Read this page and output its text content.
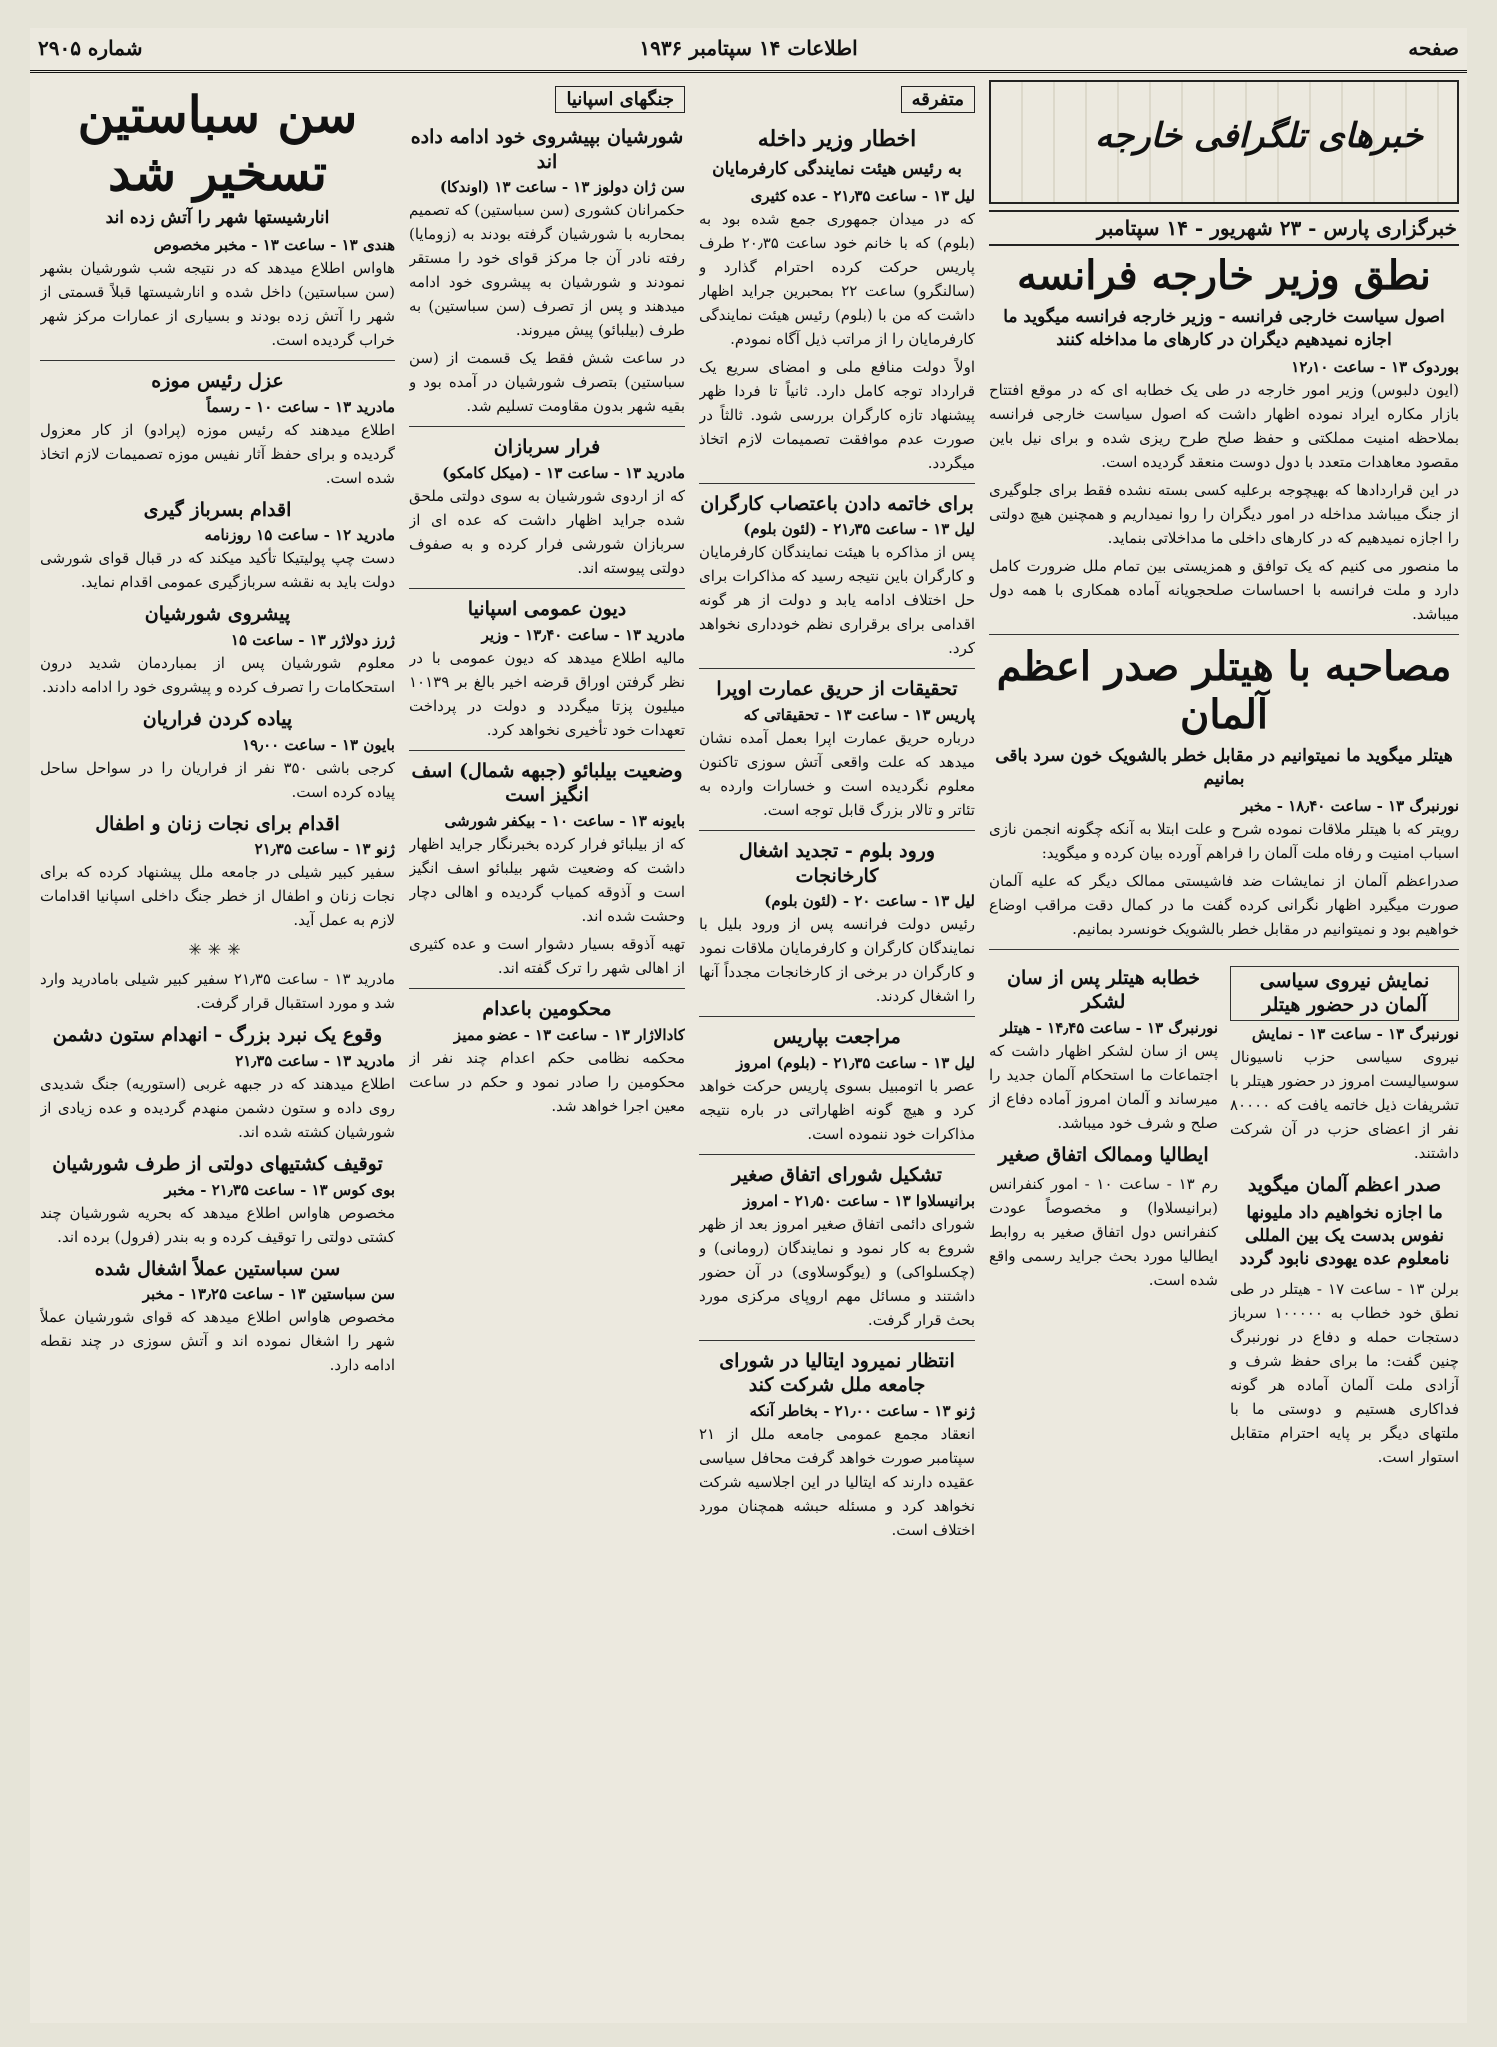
صفحه
اطلاعات ۱۴ سپتامبر ۱۹۳۶
شماره ۲۹۰۵
خبرهای تلگرافی خارجه
خبرگزاری پارس - ۲۳ شهریور - ۱۴ سپتامبر
نطق وزیر خارجه فرانسه
اصول سیاست خارجی فرانسه - وزیر خارجه فرانسه میگوید ما اجازه نمیدهیم دیگران در کارهای ما مداخله کنند
بوردوک ۱۳ - ساعت ۱۲٫۱۰

(ایون دلبوس) وزیر امور خارجه در طی یک خطابه ای که در موقع افتتاح بازار مکاره ایراد نموده اظهار داشت که اصول سیاست خارجی فرانسه بملاحظه امنیت مملکتی و حفظ صلح طرح ریزی شده و برای نیل باین مقصود معاهدات متعدد با دول دوست منعقد گردیده است.

در این قراردادها که بهیچوجه برعلیه کسی بسته نشده فقط برای جلوگیری از جنگ میباشد مداخله در امور دیگران را روا نمیداریم و همچنین هیچ دولتی را اجازه نمیدهیم که در کارهای داخلی ما مداخلاتی بنماید.

ما منصور می کنیم که یک توافق و همزیستی بین تمام ملل ضرورت کامل دارد و ملت فرانسه با احساسات صلحجویانه آماده همکاری با همه دول میباشد.

مصاحبه با هیتلر صدر اعظم آلمان
هیتلر میگوید ما نمیتوانیم در مقابل خطر بالشویک خون سرد باقی بمانیم
نورنبرگ ۱۳ - ساعت ۱۸٫۴۰ - مخبر

رویتر که با هیتلر ملاقات نموده شرح و علت ابتلا به آنکه چگونه انجمن نازی اسباب امنیت و رفاه ملت آلمان را فراهم آورده بیان کرده و میگوید:

صدراعظم آلمان از نمایشات ضد فاشیستی ممالک دیگر که علیه آلمان صورت میگیرد اظهار نگرانی کرده گفت ما در کمال دقت مراقب اوضاع خواهیم بود و نمیتوانیم در مقابل خطر بالشویک خونسرد بمانیم.

نمایش نیروی سیاسی آلمان در حضور هیتلر
نورنبرگ ۱۳ - ساعت ۱۳ - نمایش

نیروی سیاسی حزب ناسیونال سوسیالیست امروز در حضور هیتلر با تشریفات ذیل خاتمه یافت که ۸۰۰۰۰ نفر از اعضای حزب در آن شرکت داشتند.

صدر اعظم آلمان میگوید
ما اجازه نخواهیم داد ملیونها نفوس بدست یک بین المللی نامعلوم عده یهودی نابود گردد

برلن ۱۳ - ساعت ۱۷ - هیتلر در طی نطق خود خطاب به ۱۰۰۰۰۰ سرباز دستجات حمله و دفاع در نورنبرگ چنین گفت: ما برای حفظ شرف و آزادی ملت آلمان آماده هر گونه فداکاری هستیم و دوستی ما با ملتهای دیگر بر پایه احترام متقابل استوار است.

خطابه هیتلر پس از سان لشکر
نورنبرگ ۱۳ - ساعت ۱۴٫۴۵ - هیتلر

پس از سان لشکر اظهار داشت که اجتماعات ما استحکام آلمان جدید را میرساند و آلمان امروز آماده دفاع از صلح و شرف خود میباشد.

ایطالیا وممالک اتفاق صغیر

رم ۱۳ - ساعت ۱۰ - امور کنفرانس (برانیسلاوا) و مخصوصاً عودت کنفرانس دول اتفاق صغیر به روابط ایطالیا مورد بحث جراید رسمی واقع شده است.

متفرقه
اخطار وزیر داخله
به رئیس هیئت نمایندگی کارفرمایان
لیل ۱۳ - ساعت ۲۱٫۳۵ - عده کثیری

که در میدان جمهوری جمع شده بود به (بلوم) که با خانم خود ساعت ۲۰٫۳۵ طرف پاریس حرکت کرده احترام گذارد و (سالنگرو) ساعت ۲۲ بمحبرین جراید اظهار داشت که من با (بلوم) رئیس هیئت نمایندگی کارفرمایان را از مراتب ذیل آگاه نمودم.

اولاً دولت منافع ملی و امضای سریع یک قرارداد توجه کامل دارد. ثانیاً تا فردا ظهر پیشنهاد تازه کارگران بررسی شود. ثالثاً در صورت عدم موافقت تصمیمات لازم اتخاذ میگردد.

برای خاتمه دادن باعتصاب کارگران
لیل ۱۳ - ساعت ۲۱٫۳۵ - (لئون بلوم)

پس از مذاکره با هیئت نمایندگان کارفرمایان و کارگران باین نتیجه رسید که مذاکرات برای حل اختلاف ادامه یابد و دولت از هر گونه اقدامی برای برقراری نظم خودداری نخواهد کرد.

تحقیقات از حریق عمارت اوپرا
پاریس ۱۳ - ساعت ۱۳ - تحقیقاتی که

درباره حریق عمارت اپرا بعمل آمده نشان میدهد که علت واقعی آتش سوزی تاکنون معلوم نگردیده است و خسارات وارده به تئاتر و تالار بزرگ قابل توجه است.

ورود بلوم - تجدید اشغال کارخانجات
لیل ۱۳ - ساعت ۲۰ - (لئون بلوم)

رئیس دولت فرانسه پس از ورود بلیل با نمایندگان کارگران و کارفرمایان ملاقات نمود و کارگران در برخی از کارخانجات مجدداً آنها را اشغال کردند.

مراجعت بپاریس
لیل ۱۳ - ساعت ۲۱٫۳۵ - (بلوم) امروز

عصر با اتومبیل بسوی پاریس حرکت خواهد کرد و هیچ گونه اظهاراتی در باره نتیجه مذاکرات خود ننموده است.

تشکیل شورای اتفاق صغیر
برانیسلاوا ۱۳ - ساعت ۲۱٫۵۰ - امروز

شورای دائمی اتفاق صغیر امروز بعد از ظهر شروع به کار نمود و نمایندگان (رومانی) و (چکسلواکی) و (یوگوسلاوی) در آن حضور داشتند و مسائل مهم اروپای مرکزی مورد بحث قرار گرفت.

انتظار نمیرود ایتالیا در شورای جامعه ملل شرکت کند
ژنو ۱۳ - ساعت ۲۱٫۰۰ - بخاطر آنکه

انعقاد مجمع عمومی جامعه ملل از ۲۱ سپتامبر صورت خواهد گرفت محافل سیاسی عقیده دارند که ایتالیا در این اجلاسیه شرکت نخواهد کرد و مسئله حبشه همچنان مورد اختلاف است.

جنگهای اسپانیا
شورشیان بپیشروی خود ادامه داده اند
سن ژان دولوز ۱۳ - ساعت ۱۳ (اوندکا)

حکمرانان کشوری (سن سباستین) که تصمیم بمحاربه با شورشیان گرفته بودند به (زومایا) رفته نادر آن جا مرکز قوای خود را مستقر نمودند و شورشیان به پیشروی خود ادامه میدهند و پس از تصرف (سن سباستین) به طرف (بیلبائو) پیش میروند.

در ساعت شش فقط یک قسمت از (سن سباستین) بتصرف شورشیان در آمده بود و بقیه شهر بدون مقاومت تسلیم شد.

فرار سربازان
مادرید ۱۳ - ساعت ۱۳ - (میکل کامکو)

که از اردوی شورشیان به سوی دولتی ملحق شده جراید اظهار داشت که عده ای از سربازان شورشی فرار کرده و به صفوف دولتی پیوسته اند.

دیون عمومی اسپانیا
مادرید ۱۳ - ساعت ۱۳٫۴۰ - وزیر

مالیه اطلاع میدهد که دیون عمومی با در نظر گرفتن اوراق قرضه اخیر بالغ بر ۱۰۱۳۹ میلیون پزتا میگردد و دولت در پرداخت تعهدات خود تأخیری نخواهد کرد.

وضعیت بیلبائو (جبهه شمال) اسف انگیز است
بایونه ۱۳ - ساعت ۱۰ - بیکفر شورشی

که از بیلبائو فرار کرده بخبرنگار جراید اظهار داشت که وضعیت شهر بیلبائو اسف انگیز است و آذوقه کمیاب گردیده و اهالی دچار وحشت شده اند.

تهیه آذوقه بسیار دشوار است و عده کثیری از اهالی شهر را ترک گفته اند.

محکومین باعدام
کادالاژار ۱۳ - ساعت ۱۳ - عضو ممیز

محکمه نظامی حکم اعدام چند نفر از محکومین را صادر نمود و حکم در ساعت معین اجرا خواهد شد.

سن سباستین تسخیر شد
انارشیستها شهر را آتش زده اند
هندی ۱۳ - ساعت ۱۳ - مخبر مخصوص

هاواس اطلاع میدهد که در نتیجه شب شورشیان بشهر (سن سباستین) داخل شده و انارشیستها قبلاً قسمتی از شهر را آتش زده بودند و بسیاری از عمارات مرکز شهر خراب گردیده است.

عزل رئیس موزه
مادرید ۱۳ - ساعت ۱۰ - رسماً

اطلاع میدهند که رئیس موزه (پرادو) از کار معزول گردیده و برای حفظ آثار نفیس موزه تصمیمات لازم اتخاذ شده است.

اقدام بسرباز گیری
مادرید ۱۲ - ساعت ۱۵ روزنامه

دست چپ پولیتیکا تأکید میکند که در قبال قوای شورشی دولت باید به نقشه سربازگیری عمومی اقدام نماید.

پیشروی شورشیان
ژرز دولاژر ۱۳ - ساعت ۱۵

معلوم شورشیان پس از بمباردمان شدید درون استحکامات را تصرف کرده و پیشروی خود را ادامه دادند.

پیاده کردن فراریان
بایون ۱۳ - ساعت ۱۹٫۰۰

کرجی باشی ۳۵۰ نفر از فراریان را در سواحل ساحل پیاده کرده است.

اقدام برای نجات زنان و اطفال
ژنو ۱۳ - ساعت ۲۱٫۳۵

سفیر کبیر شیلی در جامعه ملل پیشنهاد کرده که برای نجات زنان و اطفال از خطر جنگ داخلی اسپانیا اقدامات لازم به عمل آید.

✳✳✳

مادرید ۱۳ - ساعت ۲۱٫۳۵ سفیر کبیر شیلی بامادرید وارد شد و مورد استقبال قرار گرفت.

وقوع یک نبرد بزرگ - انهدام ستون دشمن
مادرید ۱۳ - ساعت ۲۱٫۳۵

اطلاع میدهند که در جبهه غربی (استوریه) جنگ شدیدی روی داده و ستون دشمن منهدم گردیده و عده زیادی از شورشیان کشته شده اند.

توقیف کشتیهای دولتی از طرف شورشیان
بوی کوس ۱۳ - ساعت ۲۱٫۳۵ - مخبر

مخصوص هاواس اطلاع میدهد که بحریه شورشیان چند کشتی دولتی را توقیف کرده و به بندر (فرول) برده اند.

سن سباستین عملاً اشغال شده
سن سباستین ۱۳ - ساعت ۱۳٫۲۵ - مخبر

مخصوص هاواس اطلاع میدهد که قوای شورشیان عملاً شهر را اشغال نموده اند و آتش سوزی در چند نقطه ادامه دارد.
